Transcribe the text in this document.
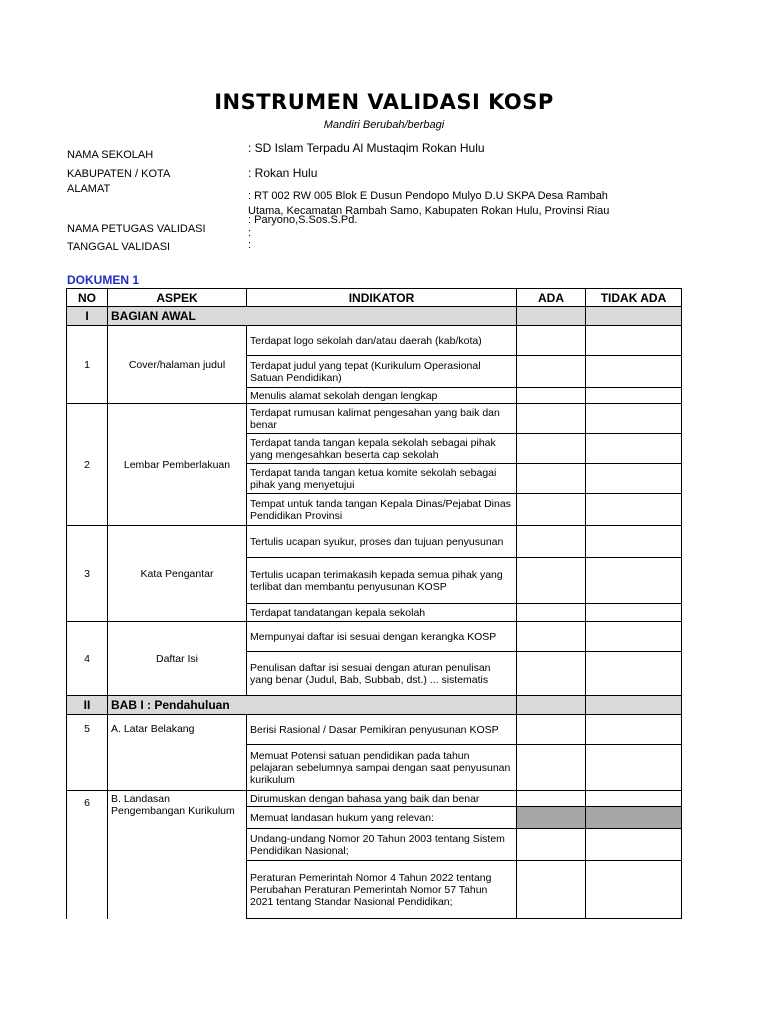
INSTRUMEN VALIDASI KOSP
Mandiri Berubah/berbagi
NAMA SEKOLAH	: SD Islam Terpadu Al Mustaqim Rokan Hulu
KABUPATEN / KOTA	: Rokan Hulu
ALAMAT
: RT 002 RW 005 Blok E Dusun Pendopo Mulyo D.U SKPA Desa Rambah
Utama, Kecamatan Rambah Samo, Kabupaten Rokan Hulu, Provinsi Riau
NAMA PETUGAS VALIDASI
: Paryono,S.Sos.S.Pd.
TANGGAL VALIDASI
:
:
DOKUMEN 1
NO	ASPEK	INDIKATOR	ADA	TIDAK ADA
I	BAGIAN AWAL			
1	Cover/halaman judul	Terdapat logo sekolah dan/atau daerah (kab/kota)		
		Terdapat judul yang tepat (Kurikulum Operasional Satuan Pendidikan)		
		Menulis alamat sekolah dengan lengkap		
2	Lembar Pemberlakuan	Terdapat rumusan kalimat pengesahan yang baik dan benar		
		Terdapat tanda tangan kepala sekolah sebagai pihak yang mengesahkan beserta cap sekolah		
		Terdapat tanda tangan ketua komite sekolah sebagai pihak yang menyetujui		
		Tempat untuk tanda tangan Kepala Dinas/Pejabat Dinas Pendidikan Provinsi		
3	Kata Pengantar	Tertulis ucapan syukur, proses dan tujuan penyusunan		
		Tertulis ucapan terimakasih kepada semua pihak yang terlibat dan membantu penyusunan KOSP		
		Terdapat tandatangan kepala sekolah		
4	Daftar Isi	Mempunyai daftar isi sesuai dengan kerangka KOSP		
		Penulisan daftar isi sesuai dengan aturan penulisan yang benar (Judul, Bab, Subbab, dst.) ... sistematis		
II	BAB I : Pendahuluan			
5	A. Latar Belakang	Berisi Rasional / Dasar Pemikiran penyusunan KOSP		
		Memuat Potensi satuan pendidikan pada tahun pelajaran sebelumnya sampai dengan saat penyusunan kurikulum		
6	B. Landasan Pengembangan Kurikulum	Dirumuskan dengan bahasa yang baik dan benar		
		Memuat landasan hukum yang relevan:		
		Undang-undang Nomor 20 Tahun 2003 tentang Sistem Pendidikan Nasional;		
		Peraturan Pemerintah Nomor 4 Tahun 2022 tentang Perubahan Peraturan Pemerintah Nomor 57 Tahun 2021 tentang Standar Nasional Pendidikan;		
